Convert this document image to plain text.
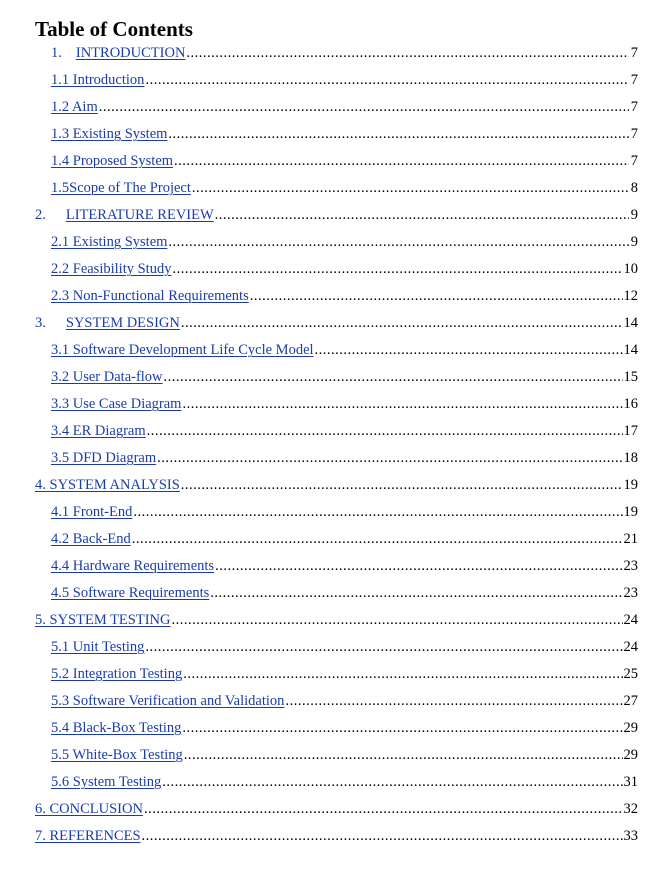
Table of Contents
1. INTRODUCTION .....	7
1.1 Introduction .....	7
1.2 Aim .....	7
1.3 Existing System .....	7
1.4 Proposed System .....	7
1.5Scope of The Project .....	8
2. LITERATURE REVIEW .....	9
2.1 Existing System .....	9
2.2 Feasibility Study .....	10
2.3 Non-Functional Requirements .....	12
3. SYSTEM DESIGN .....	14
3.1 Software Development Life Cycle Model .....	14
3.2 User Data-flow .....	15
3.3 Use Case Diagram .....	16
3.4 ER Diagram .....	17
3.5 DFD Diagram .....	18
4. SYSTEM ANALYSIS .....	19
4.1 Front-End .....	19
4.2 Back-End .....	21
4.4 Hardware Requirements .....	23
4.5 Software Requirements .....	23
5. SYSTEM TESTING .....	24
5.1 Unit Testing .....	24
5.2 Integration Testing .....	25
5.3 Software Verification and Validation .....	27
5.4 Black-Box Testing .....	29
5.5 White-Box Testing .....	29
5.6 System Testing .....	31
6. CONCLUSION .....	32
7. REFERENCES .....	33
